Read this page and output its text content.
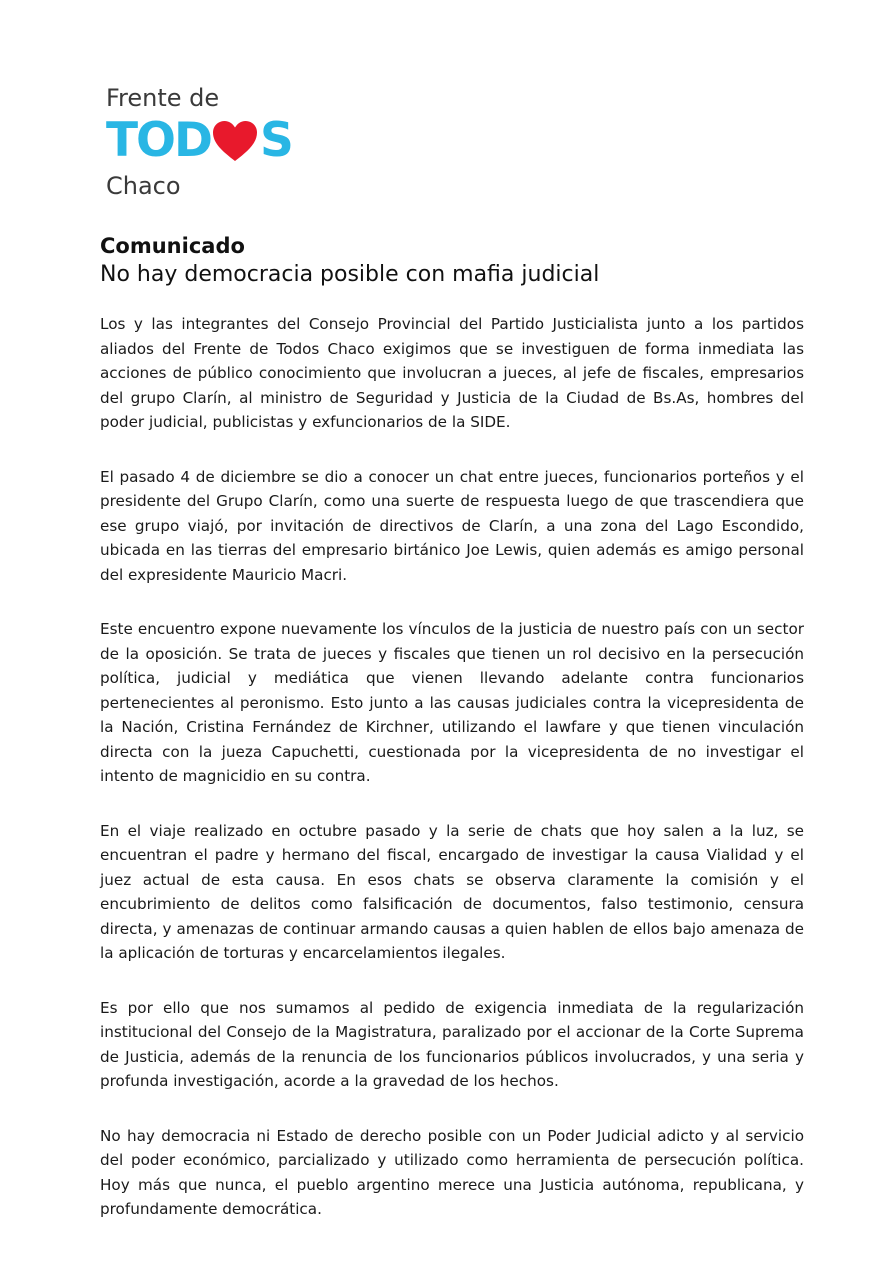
Frente de
TOD S
Chaco
Comunicado
No hay democracia posible con mafia judicial

Los y las integrantes del Consejo Provincial del Partido Justicialista junto a los partidos aliados del Frente de Todos Chaco exigimos que se investiguen de forma inmediata las acciones de público conocimiento que involucran a jueces, al jefe de fiscales, empresarios del grupo Clarín, al ministro de Seguridad y Justicia de la Ciudad de Bs.As, hombres del poder judicial, publicistas y exfuncionarios de la SIDE.

El pasado 4 de diciembre se dio a conocer un chat entre jueces, funcionarios porteños y el presidente del Grupo Clarín, como una suerte de respuesta luego de que trascendiera que ese grupo viajó, por invitación de directivos de Clarín, a una zona del Lago Escondido, ubicada en las tierras del empresario birtánico Joe Lewis, quien además es amigo personal del expresidente Mauricio Macri.

Este encuentro expone nuevamente los vínculos de la justicia de nuestro país con un sector de la oposición. Se trata de jueces y fiscales que tienen un rol decisivo en la persecución política, judicial y mediática que vienen llevando adelante contra funcionarios pertenecientes al peronismo. Esto junto a las causas judiciales contra la vicepresidenta de la Nación, Cristina Fernández de Kirchner, utilizando el lawfare y que tienen vinculación directa con la jueza Capuchetti, cuestionada por la vicepresidenta de no investigar el intento de magnicidio en su contra.

En el viaje realizado en octubre pasado y la serie de chats que hoy salen a la luz, se encuentran el padre y hermano del fiscal, encargado de investigar la causa Vialidad y el juez actual de esta causa. En esos chats se observa claramente la comisión y el encubrimiento de delitos como falsificación de documentos, falso testimonio, censura directa, y amenazas de continuar armando causas a quien hablen de ellos bajo amenaza de la aplicación de torturas y encarcelamientos ilegales.

Es por ello que nos sumamos al pedido de exigencia inmediata de la regularización institucional del Consejo de la Magistratura, paralizado por el accionar de la Corte Suprema de Justicia, además de la renuncia de los funcionarios públicos involucrados, y una seria y profunda investigación, acorde a la gravedad de los hechos.

No hay democracia ni Estado de derecho posible con un Poder Judicial adicto y al servicio del poder económico, parcializado y utilizado como herramienta de persecución política. Hoy más que nunca, el pueblo argentino merece una Justicia autónoma, republicana, y profundamente democrática.
